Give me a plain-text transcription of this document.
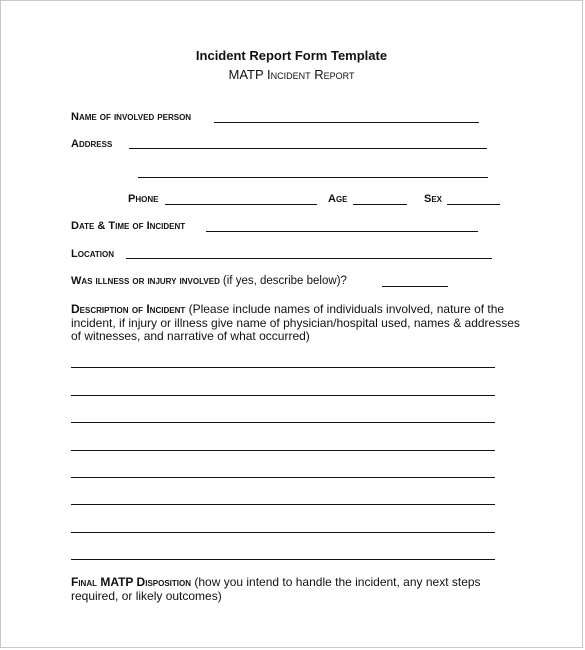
Incident Report Form Template
MATP Incident Report
Name of involved person
Address
Phone	Age	Sex
Date & Time of Incident
Location
Was illness or injury involved (if yes, describe below)?
Description of Incident (Please include names of individuals involved, nature of the incident, if injury or illness give name of physician/hospital used, names & addresses of witnesses, and narrative of what occurred)
Final MATP Disposition (how you intend to handle the incident, any next steps required, or likely outcomes)
